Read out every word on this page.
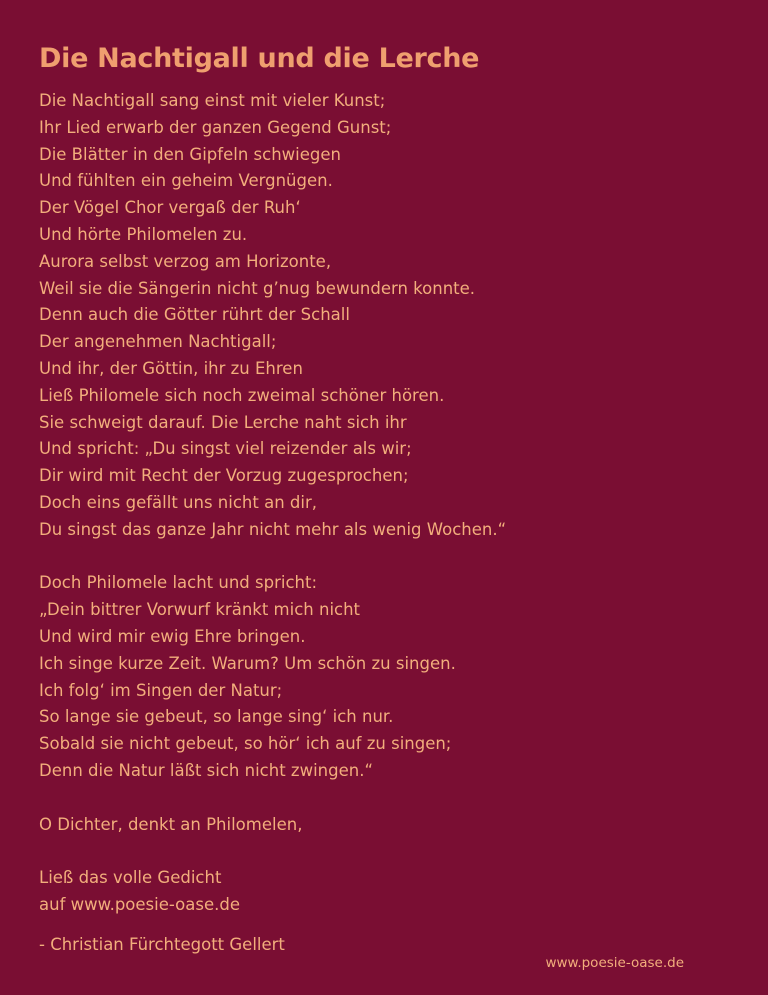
Die Nachtigall und die Lerche
Die Nachtigall sang einst mit vieler Kunst;
Ihr Lied erwarb der ganzen Gegend Gunst;
Die Blätter in den Gipfeln schwiegen
Und fühlten ein geheim Vergnügen.
Der Vögel Chor vergaß der Ruh‘
Und hörte Philomelen zu.
Aurora selbst verzog am Horizonte,
Weil sie die Sängerin nicht g’nug bewundern konnte.
Denn auch die Götter rührt der Schall
Der angenehmen Nachtigall;
Und ihr, der Göttin, ihr zu Ehren
Ließ Philomele sich noch zweimal schöner hören.
Sie schweigt darauf. Die Lerche naht sich ihr
Und spricht: „Du singst viel reizender als wir;
Dir wird mit Recht der Vorzug zugesprochen;
Doch eins gefällt uns nicht an dir,
Du singst das ganze Jahr nicht mehr als wenig Wochen.“
Doch Philomele lacht und spricht:
„Dein bittrer Vorwurf kränkt mich nicht
Und wird mir ewig Ehre bringen.
Ich singe kurze Zeit. Warum? Um schön zu singen.
Ich folg‘ im Singen der Natur;
So lange sie gebeut, so lange sing‘ ich nur.
Sobald sie nicht gebeut, so hör‘ ich auf zu singen;
Denn die Natur läßt sich nicht zwingen.“
O Dichter, denkt an Philomelen,
Ließ das volle Gedicht
auf www.poesie-oase.de
- Christian Fürchtegott Gellert
www.poesie-oase.de
